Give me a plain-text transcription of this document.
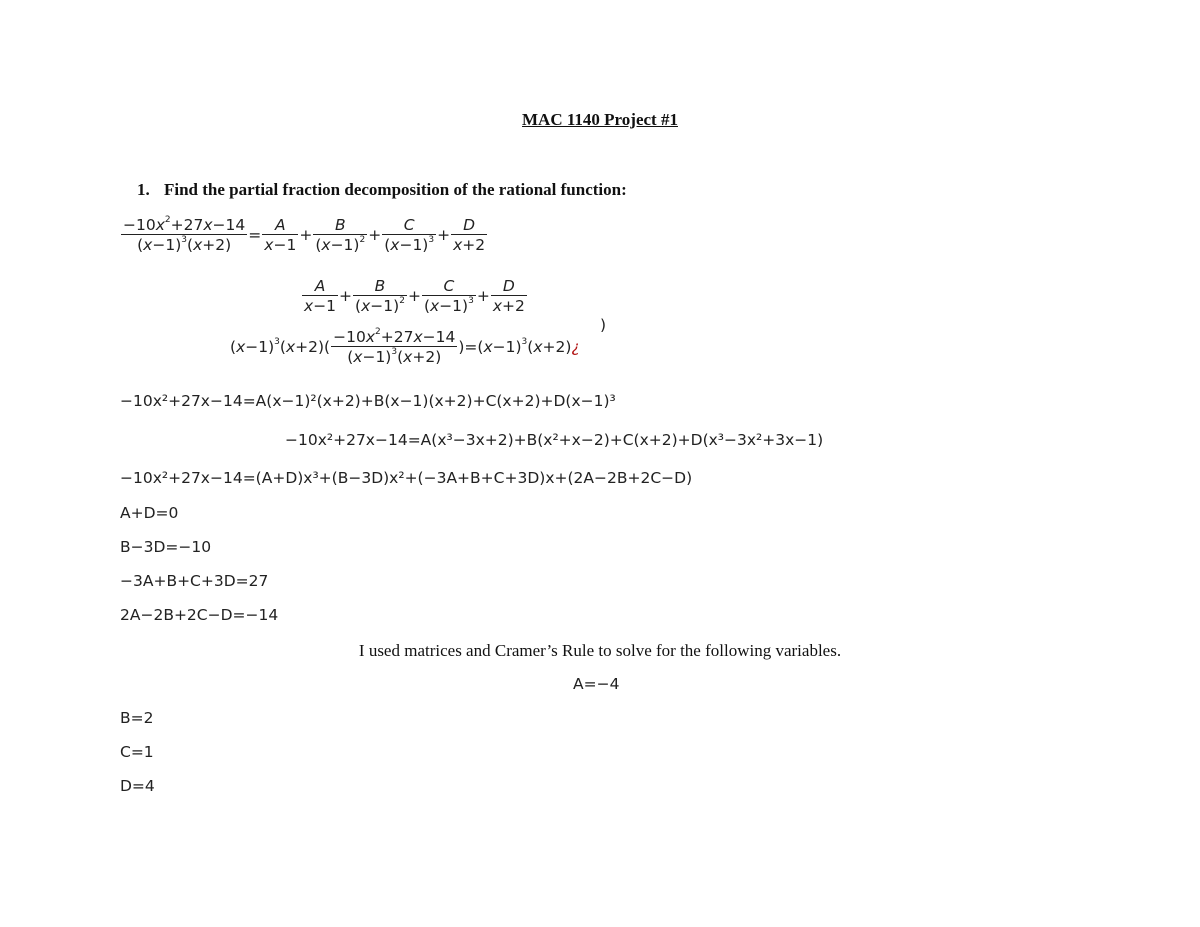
MAC 1140 Project #1
1. Find the partial fraction decomposition of the rational function:
$\frac{-10x^2+27x-14}{(x-1)^3(x+2)} = \frac{A}{x-1} + \frac{B}{(x-1)^2} + \frac{C}{(x-1)^3} + \frac{D}{x+2}$
$\frac{A}{x-1} + \frac{B}{(x-1)^2} + \frac{C}{(x-1)^3} + \frac{D}{x+2}$
)
$(x-1)^3(x+2)( \frac{-10x^2+27x-14}{(x-1)^3(x+2)}$ )$=(x-1)^3(x+2)¿$
−10x²+27x−14=A(x−1)²(x+2)+B(x−1)(x+2)+C(x+2)+D(x−1)³
−10x²+27x−14=A(x³−3x+2)+B(x²+x−2)+C(x+2)+D(x³−3x²+3x−1)
−10x²+27x−14=(A+D)x³+(B−3D)x²+(−3A+B+C+3D)x+(2A−2B+2C−D)
A+D=0
B−3D=−10
−3A+B+C+3D=27
2A−2B+2C−D=−14
I used matrices and Cramer’s Rule to solve for the following variables.
A=−4
B=2
C=1
D=4
